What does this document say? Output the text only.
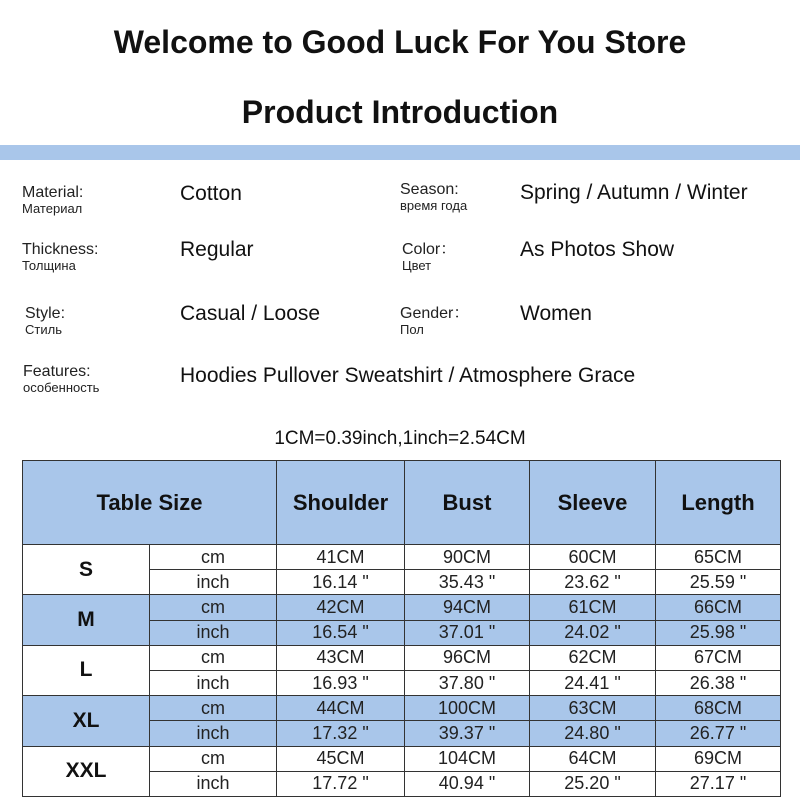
Welcome to Good Luck For You Store
Product Introduction
Material:
Материал
Cotton	Season:
время года
Spring / Autumn / Winter
Thickness:
Толщина
Regular	Color：
Цвет
As Photos Show
Style:
Стиль
Casual / Loose	Gender：
Пол
Women
Features:
особенность
Hoodies Pullover Sweatshirt / Atmosphere Grace
1CM=0.39inch,1inch=2.54CM
Table Size		Shoulder	Bust	Sleeve	Length
S	cm	41CM	90CM	60CM	65CM
	inch	16.14 "	35.43 "	23.62 "	25.59 "
M	cm	42CM	94CM	61CM	66CM
	inch	16.54 "	37.01 "	24.02 "	25.98 "
L	cm	43CM	96CM	62CM	67CM
	inch	16.93 "	37.80 "	24.41 "	26.38 "
XL	cm	44CM	100CM	63CM	68CM
	inch	17.32 "	39.37 "	24.80 "	26.77 "
XXL	cm	45CM	104CM	64CM	69CM
	inch	17.72 "	40.94 "	25.20 "	27.17 "
